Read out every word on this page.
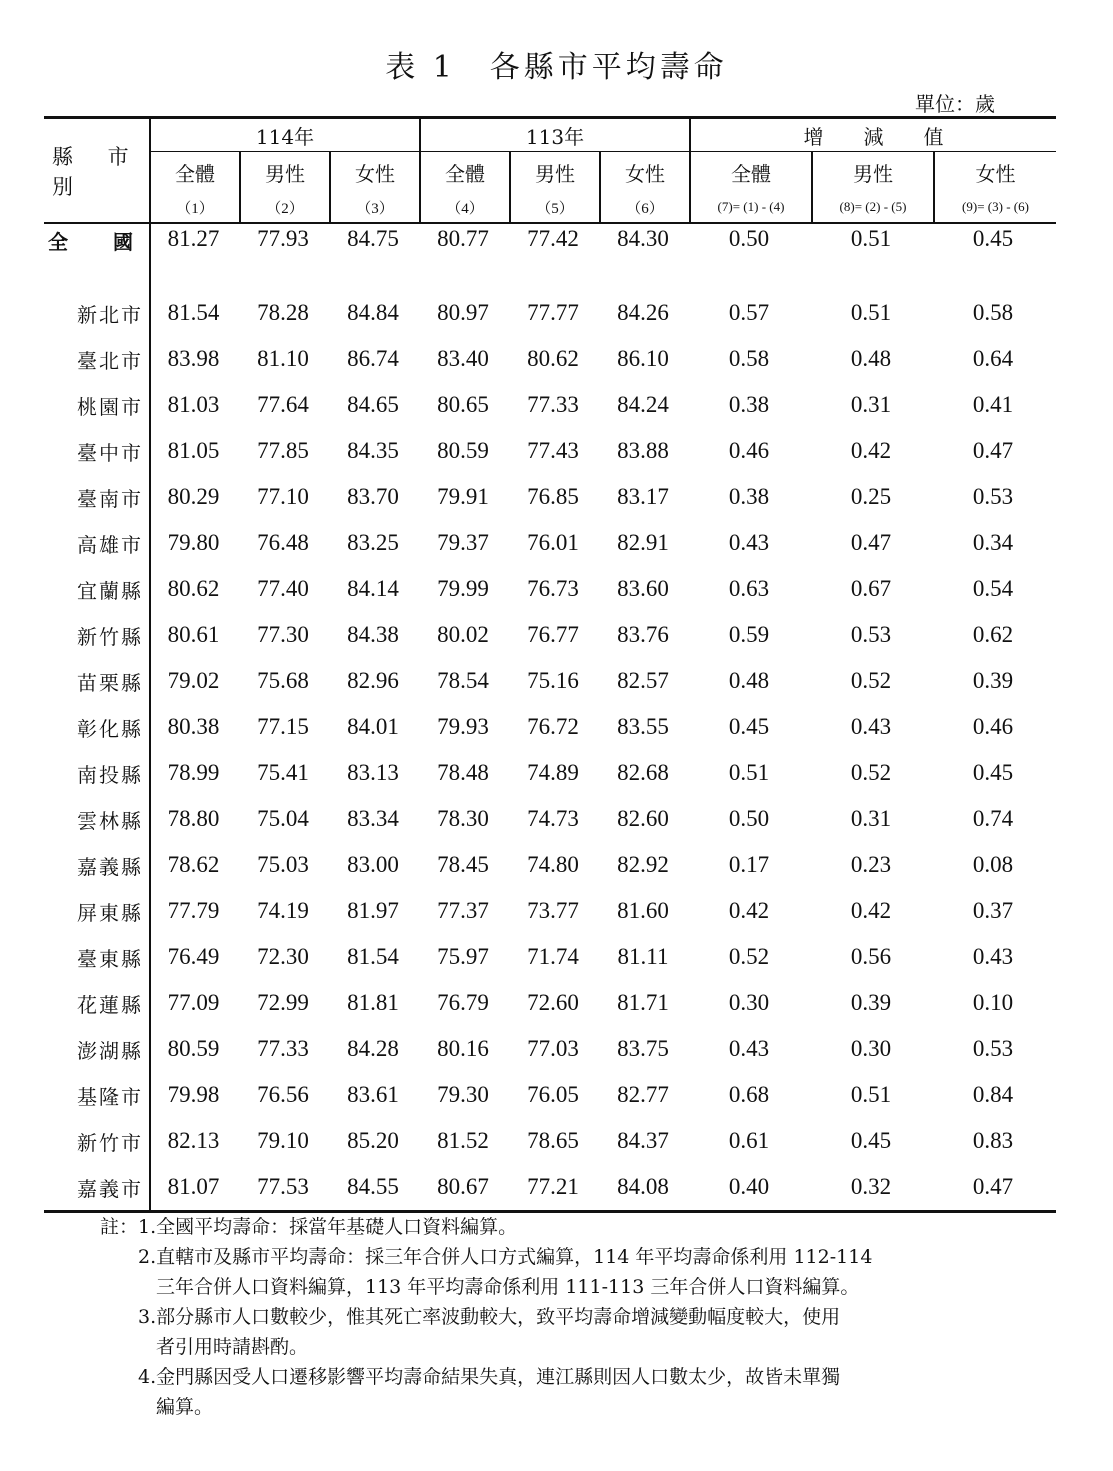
表 1　各縣市平均壽命
單位：歲
縣 市 別	114年			113年			增　　減　　值		
	全體	男性	女性	全體	男性	女性	全體	男性	女性
	（1）	（2）	（3）	（4）	（5）	（6）	(7)= (1) - (4)	(8)= (2) - (5)	(9)= (3) - (6)

全 國	81.27	77.93	84.75	80.77	77.42	84.30	0.50	0.51	0.45

新北市	81.54	78.28	84.84	80.97	77.77	84.26	0.57	0.51	0.58
臺北市	83.98	81.10	86.74	83.40	80.62	86.10	0.58	0.48	0.64
桃園市	81.03	77.64	84.65	80.65	77.33	84.24	0.38	0.31	0.41
臺中市	81.05	77.85	84.35	80.59	77.43	83.88	0.46	0.42	0.47
臺南市	80.29	77.10	83.70	79.91	76.85	83.17	0.38	0.25	0.53
高雄市	79.80	76.48	83.25	79.37	76.01	82.91	0.43	0.47	0.34
宜蘭縣	80.62	77.40	84.14	79.99	76.73	83.60	0.63	0.67	0.54
新竹縣	80.61	77.30	84.38	80.02	76.77	83.76	0.59	0.53	0.62
苗栗縣	79.02	75.68	82.96	78.54	75.16	82.57	0.48	0.52	0.39
彰化縣	80.38	77.15	84.01	79.93	76.72	83.55	0.45	0.43	0.46
南投縣	78.99	75.41	83.13	78.48	74.89	82.68	0.51	0.52	0.45
雲林縣	78.80	75.04	83.34	78.30	74.73	82.60	0.50	0.31	0.74
嘉義縣	78.62	75.03	83.00	78.45	74.80	82.92	0.17	0.23	0.08
屏東縣	77.79	74.19	81.97	77.37	73.77	81.60	0.42	0.42	0.37
臺東縣	76.49	72.30	81.54	75.97	71.74	81.11	0.52	0.56	0.43
花蓮縣	77.09	72.99	81.81	76.79	72.60	81.71	0.30	0.39	0.10
澎湖縣	80.59	77.33	84.28	80.16	77.03	83.75	0.43	0.30	0.53
基隆市	79.98	76.56	83.61	79.30	76.05	82.77	0.68	0.51	0.84
新竹市	82.13	79.10	85.20	81.52	78.65	84.37	0.61	0.45	0.83
嘉義市	81.07	77.53	84.55	80.67	77.21	84.08	0.40	0.32	0.47
註：1.全國平均壽命：採當年基礎人口資料編算。
2.直轄市及縣市平均壽命：採三年合併人口方式編算，114 年平均壽命係利用 112-114
三年合併人口資料編算，113 年平均壽命係利用 111-113 三年合併人口資料編算。
3.部分縣市人口數較少，惟其死亡率波動較大，致平均壽命增減變動幅度較大，使用
者引用時請斟酌。
4.金門縣因受人口遷移影響平均壽命結果失真，連江縣則因人口數太少，故皆未單獨
編算。
